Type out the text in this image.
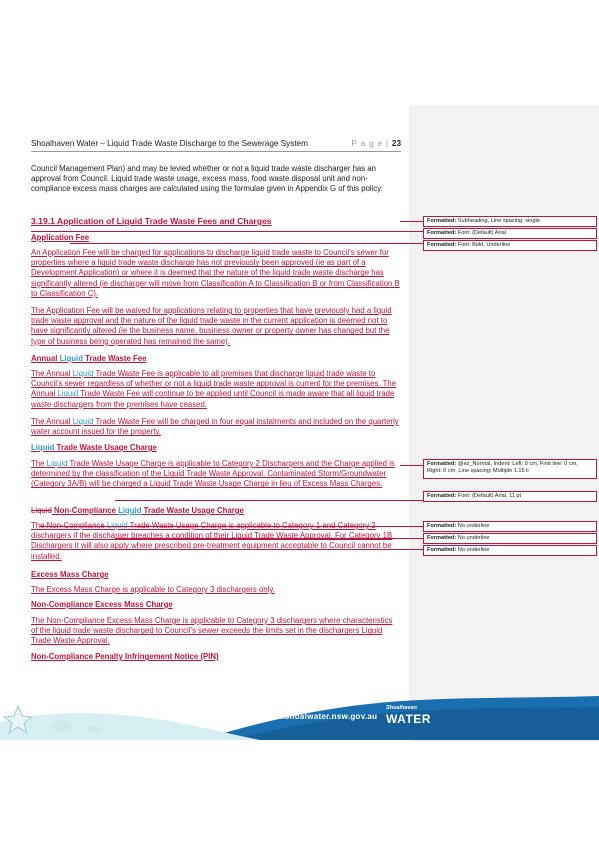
Shoalhaven Water – Liquid Trade Waste Discharge to the Sewerage System	P a g e | 23

Council Management Plan) and may be levied whether or not a liquid trade waste discharger has an approval from Council. Liquid trade waste usage, excess mass, food waste disposal unit and non-compliance excess mass charges are calculated using the formulae given in Appendix G of this policy.

3.19.1 Application of Liquid Trade Waste Fees and Charges

Application Fee

An Application Fee will be charged for applications to discharge liquid trade waste to Council’s sewer for properties where a liquid trade waste discharge has not previously been approved (ie as part of a Development Application) or where it is deemed that the nature of the liquid trade waste discharge has significantly altered (ie discharger will move from Classification A to Classification B or from Classification B to Classification C).

The Application Fee will be waived for applications relating to properties that have previously had a liquid trade waste approval and the nature of the liquid trade waste in the current application is deemed not to have significantly altered (ie the business name, business owner or property owner has changed but the type of business being operated has remained the same).

Annual Liquid Trade Waste Fee

The Annual Liquid Trade Waste Fee is applicable to all premises that discharge liquid trade waste to Council’s sewer regardless of whether or not a liquid trade waste approval is current for the premises. The Annual Liquid Trade Waste Fee will continue to be applied until Council is made aware that all liquid trade waste dischargers from the premises have ceased.

The Annual Liquid Trade Waste Fee will be charged in four equal instalments and included on the quarterly water account issued for the property.

Liquid Trade Waste Usage Charge

The Liquid Trade Waste Usage Charge is applicable to Category 2 Dischargers and the Charge applied is determined by the classification of the Liquid Trade Waste Approval. Contaminated Storm/Groundwater (Category 3A/B) will be charged a Liquid Trade Waste Usage Charge in lieu of Excess Mass Charges.

Liquid Non-Compliance Liquid Trade Waste Usage Charge

The Non-Compliance Liquid Trade Waste Usage Charge is applicable to Category 1 and Category 2 dischargers if the discharger breaches a condition of their Liquid Trade Waste Approval. For Category 1B Dischargers it will also apply where prescribed pre-treatment equipment acceptable to Council cannot be installed.

Excess Mass Charge

The Excess Mass Charge is applicable to Category 3 dischargers only.

Non-Compliance Excess Mass Charge

The Non-Compliance Excess Mass Charge is applicable to Category 3 dischargers where characteristics of the liquid trade waste discharged to Council’s sewer exceeds the limits set in the dischargers Liquid Trade Waste Approval.

Non-Compliance Penalty Infringement Notice (PIN)

Formatted: Subheading, Line spacing: single
Formatted: Font: (Default) Arial
Formatted: Font: Bold, Underline
Formatted: @ez_Normal, Indent: Left: 0 cm, First line: 0 cm, Right: 0 cm, Line spacing: Multiple 1.15 li
Formatted: Font: (Default) Arial, 11 pt
Formatted: No underline
Formatted: No underline
Formatted: No underline
www.shoalwater.nsw.gov.au
Shoalhaven
WATER
